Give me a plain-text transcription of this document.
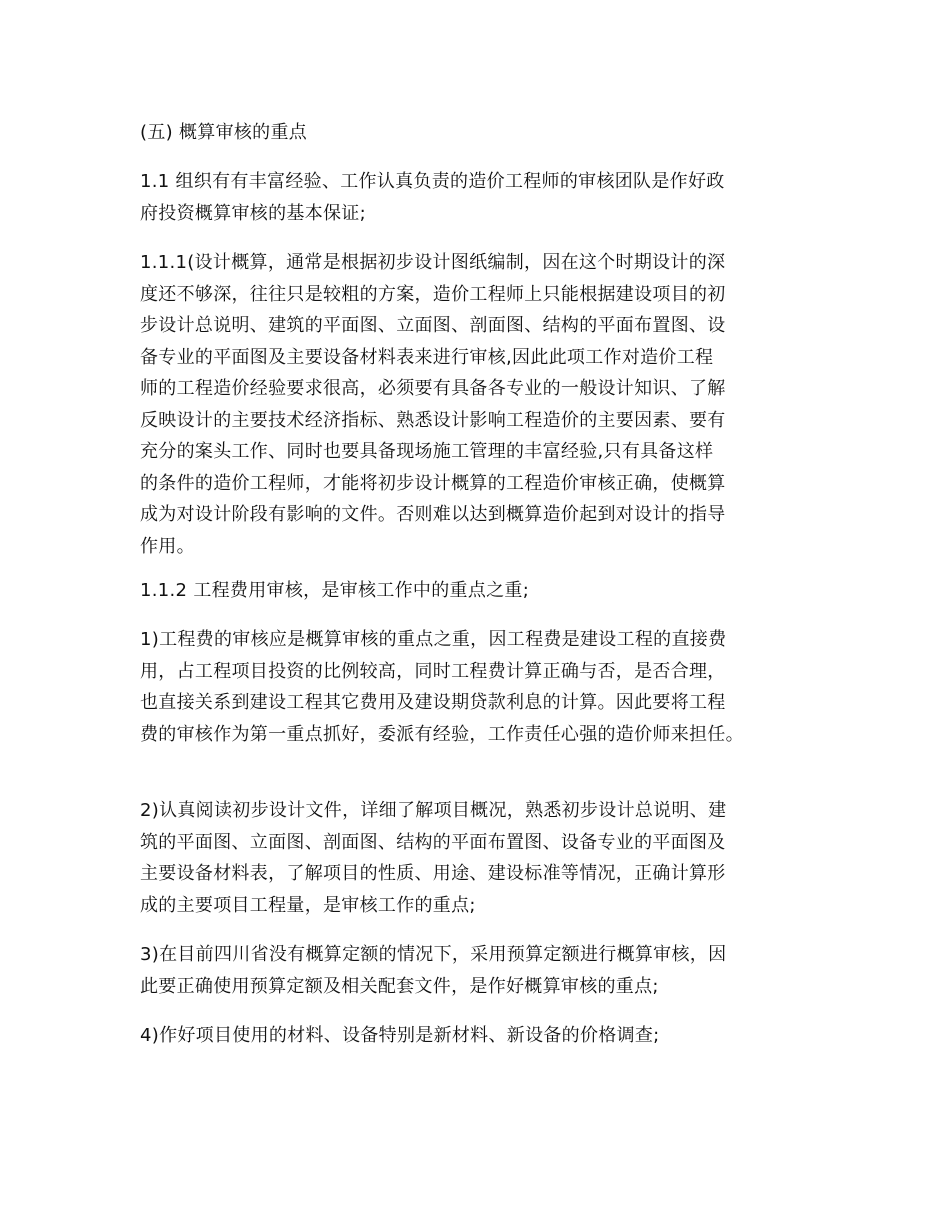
(五) 概算审核的重点

1.1 组织有有丰富经验、工作认真负责的造价工程师的审核团队是作好政
府投资概算审核的基本保证;

1.1.1(设计概算，通常是根据初步设计图纸编制，因在这个时期设计的深
度还不够深，往往只是较粗的方案，造价工程师上只能根据建设项目的初
步设计总说明、建筑的平面图、立面图、剖面图、结构的平面布置图、设
备专业的平面图及主要设备材料表来进行审核,因此此项工作对造价工程
师的工程造价经验要求很高，必须要有具备各专业的一般设计知识、了解
反映设计的主要技术经济指标、熟悉设计影响工程造价的主要因素、要有
充分的案头工作、同时也要具备现场施工管理的丰富经验,只有具备这样
的条件的造价工程师，才能将初步设计概算的工程造价审核正确，使概算
成为对设计阶段有影响的文件。否则难以达到概算造价起到对设计的指导
作用。

1.1.2 工程费用审核，是审核工作中的重点之重;

1)工程费的审核应是概算审核的重点之重，因工程费是建设工程的直接费
用，占工程项目投资的比例较高，同时工程费计算正确与否，是否合理，
也直接关系到建设工程其它费用及建设期贷款利息的计算。因此要将工程
费的审核作为第一重点抓好，委派有经验，工作责任心强的造价师来担任。

2)认真阅读初步设计文件，详细了解项目概况，熟悉初步设计总说明、建
筑的平面图、立面图、剖面图、结构的平面布置图、设备专业的平面图及
主要设备材料表，了解项目的性质、用途、建设标准等情况，正确计算形
成的主要项目工程量，是审核工作的重点;

3)在目前四川省没有概算定额的情况下，采用预算定额进行概算审核，因
此要正确使用预算定额及相关配套文件，是作好概算审核的重点;

4)作好项目使用的材料、设备特别是新材料、新设备的价格调查;
